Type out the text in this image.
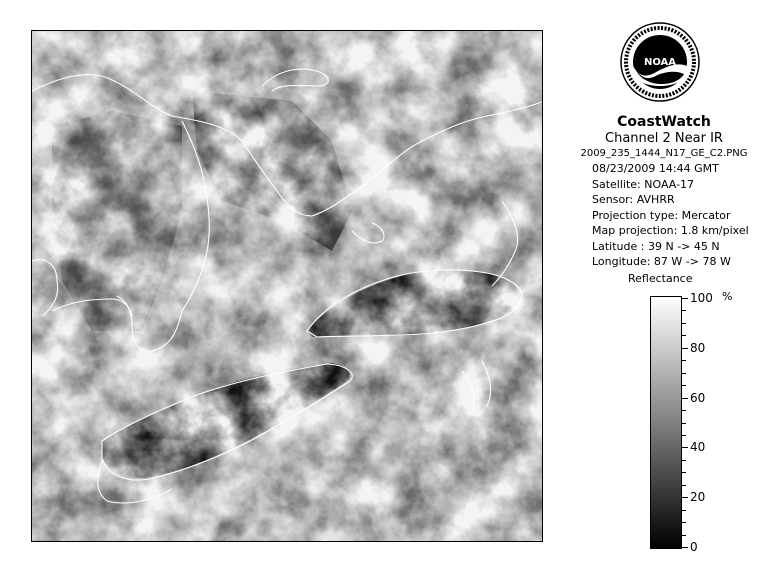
NOAA
CoastWatch
Channel 2 Near IR
2009_235_1444_N17_GE_C2.PNG
08/23/2009 14:44 GMT
Satellite: NOAA-17
Sensor: AVHRR
Projection type: Mercator
Map projection: 1.8 km/pixel
Latitude : 39 N -> 45 N
Longitude: 87 W -> 78 W
Reflectance
%
100
80
60
40
20
0
